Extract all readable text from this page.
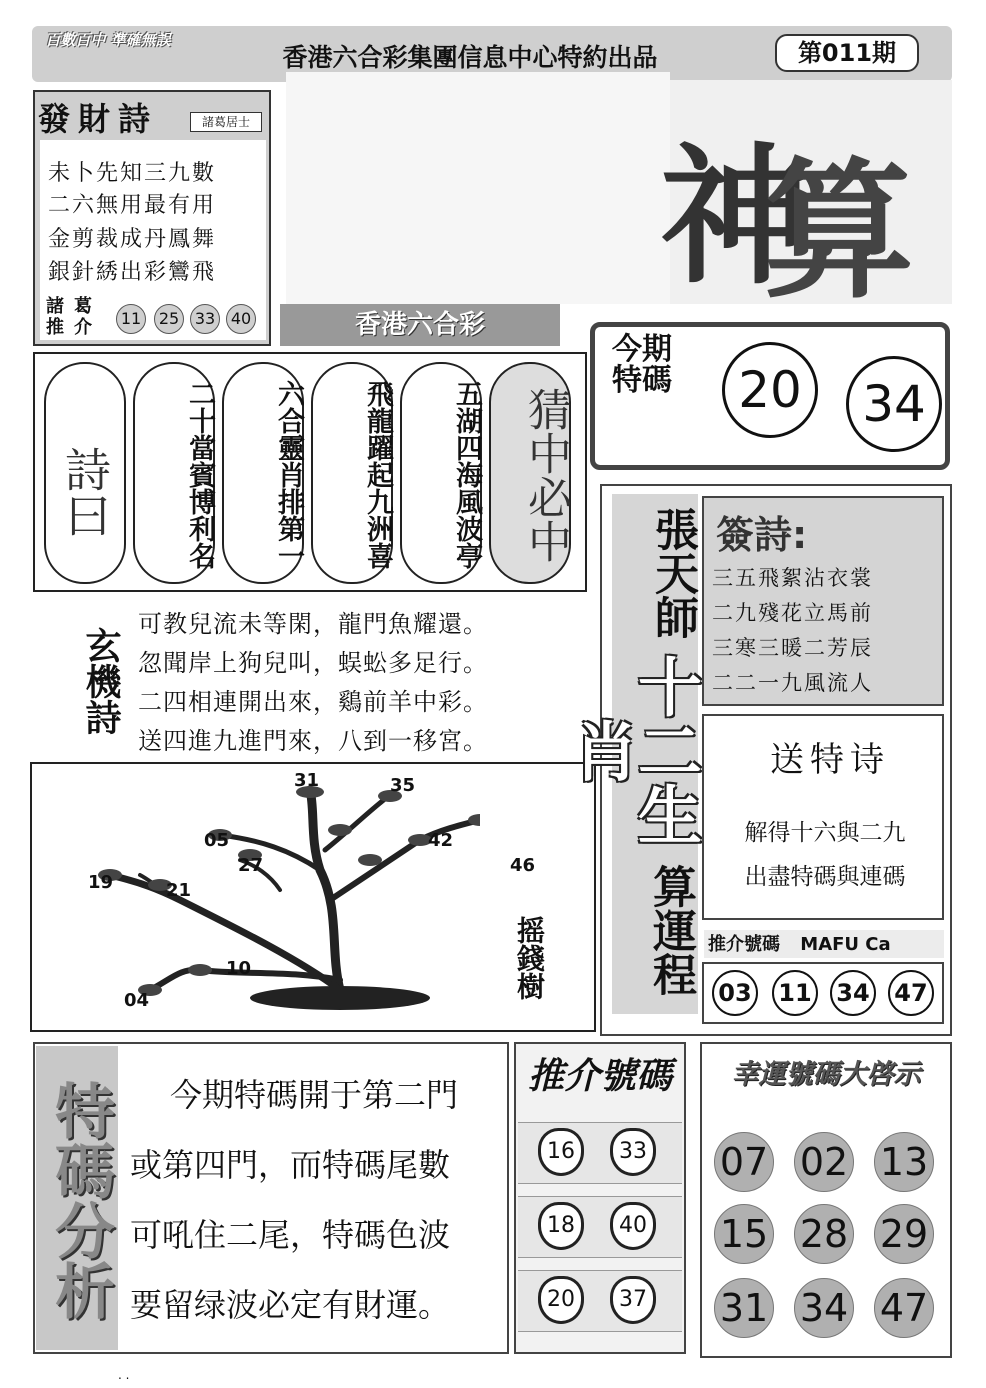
百數百中 準確無誤
香港六合彩集團信息中心特約出品	第011期
發財詩	諸葛居士
未卜先知三九數
二六無用最有用
金剪裁成丹鳳舞
銀針綉出彩鸞飛
諸葛推介	11	25 33 40
神
算
香港六合彩
今期特碼	20	34
詩曰	二十當賓博利名	六合靈肖排第一	飛龍躍起九洲喜	五湖四海風波亭 猜中必中
玄機詩
可教兒流未等閑，龍門魚耀還。
忽聞岸上狗兒叫，蜈蚣多足行。
二四相連開出來，鷄前羊中彩。
送四進九進門來，八到一移宮。
31	35
05
27
42
46
19	21
10
04
摇錢樹
張天師
十二生肖
算運程
簽詩:
三五飛絮沾衣裳
二九殘花立馬前
三寒三暖二芳辰
二二一九風流人
送特诗
解得十六與二九
出盡特碼與連碼
推介號碼 MAFU Ca
03 11 34 47
特碼分析 今期特碼開于第二門
或第四門，而特碼尾數
可吼住二尾，特碼色波
要留绿波必定有財運。
推介號碼
16	33
18	40
20	37
幸運號碼大啓示
07 02 13
15 28 29
31 34 47
. .
